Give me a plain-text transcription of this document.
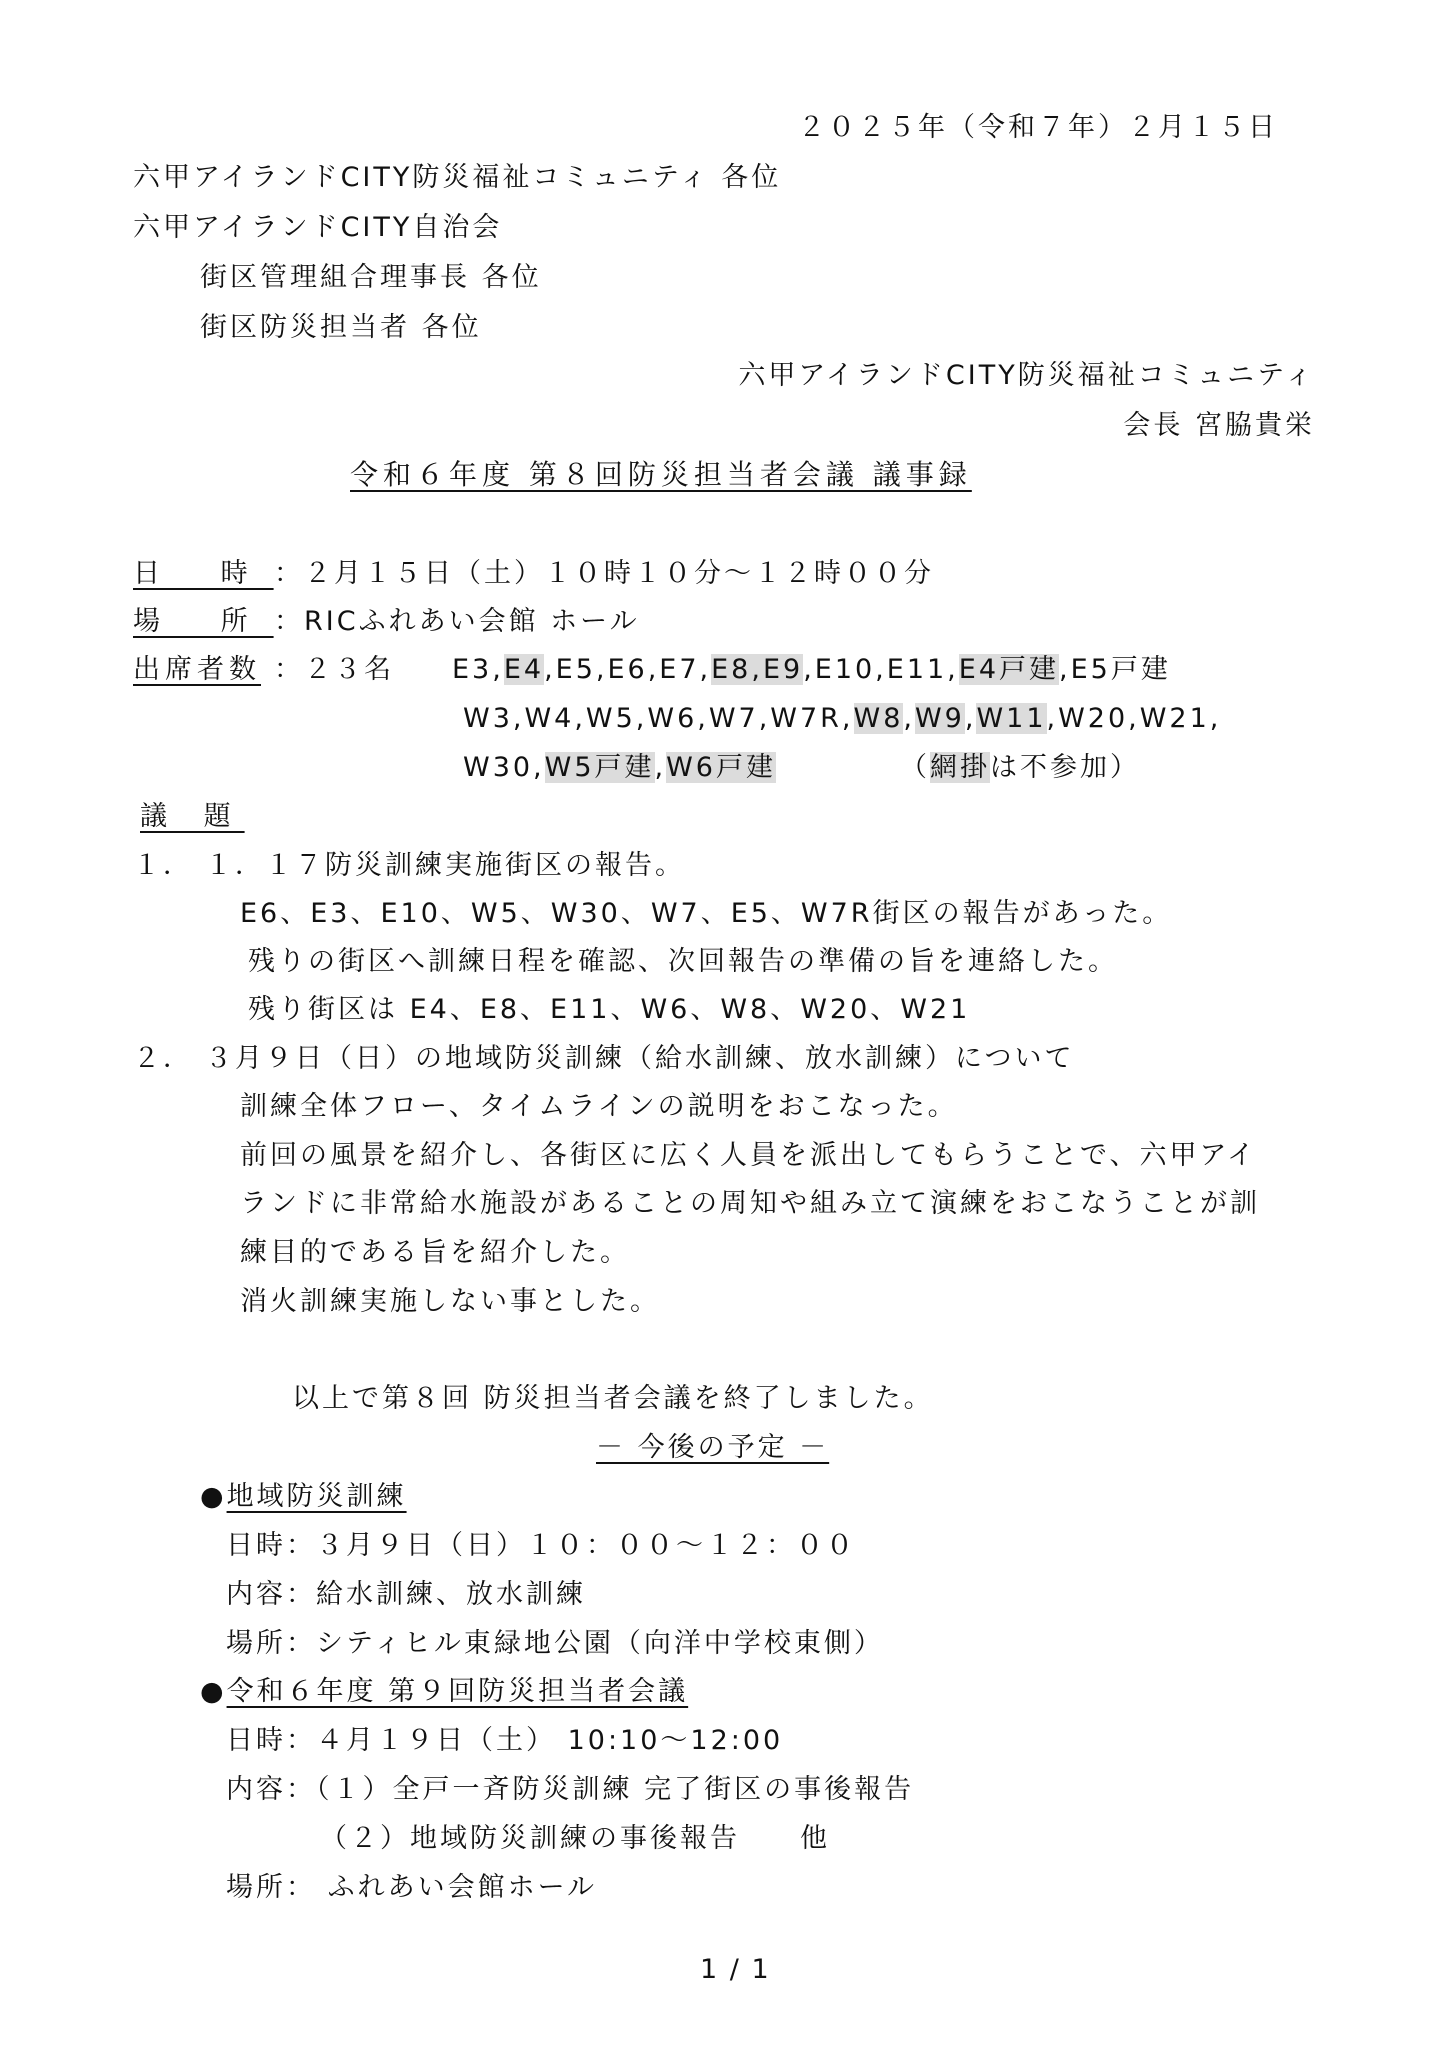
２０２５年（令和７年）２月１５日
六甲アイランドCITY防災福祉コミュニティ 各位
六甲アイランドCITY自治会
街区管理組合理事長 各位
街区防災担当者 各位
六甲アイランドCITY防災福祉コミュニティ
会長 宮脇貴栄
令和６年度 第８回防災担当者会議 議事録
日 時 ：２月１５日（土）１０時１０分～１２時００分
場 所 ：RICふれあい会館 ホール
出席者数 ：２３名 E3,E4,E5,E6,E7,E8,E9,E10,E11,E4戸建,E5戸建
W3,W4,W5,W6,W7,W7R,W8,W9,W11,W20,W21,
W30,W5戸建,W6戸建	（網掛は不参加）
議 題
１． １．１７防災訓練実施街区の報告。
E6、E3、E10、W5、W30、W7、E5、W7R街区の報告があった。
残りの街区へ訓練日程を確認、次回報告の準備の旨を連絡した。
残り街区は E4、E8、E11、W6、W8、W20、W21
２． ３月９日（日）の地域防災訓練（給水訓練、放水訓練）について
訓練全体フロー、タイムラインの説明をおこなった。
前回の風景を紹介し、各街区に広く人員を派出してもらうことで、六甲アイ
ランドに非常給水施設があることの周知や組み立て演練をおこなうことが訓
練目的である旨を紹介した。
消火訓練実施しない事とした。
以上で第８回 防災担当者会議を終了しました。
－ 今後の予定 －
●地域防災訓練
日時：３月９日（日）１０：００～１２：００
内容：給水訓練、放水訓練
場所：シティヒル東緑地公園（向洋中学校東側）
●令和６年度 第９回防災担当者会議
日時：４月１９日（土） 10:10～12:00
内容：（１）全戸一斉防災訓練 完了街区の事後報告
（２）地域防災訓練の事後報告　　他
場所： ふれあい会館ホール
1 / 1
